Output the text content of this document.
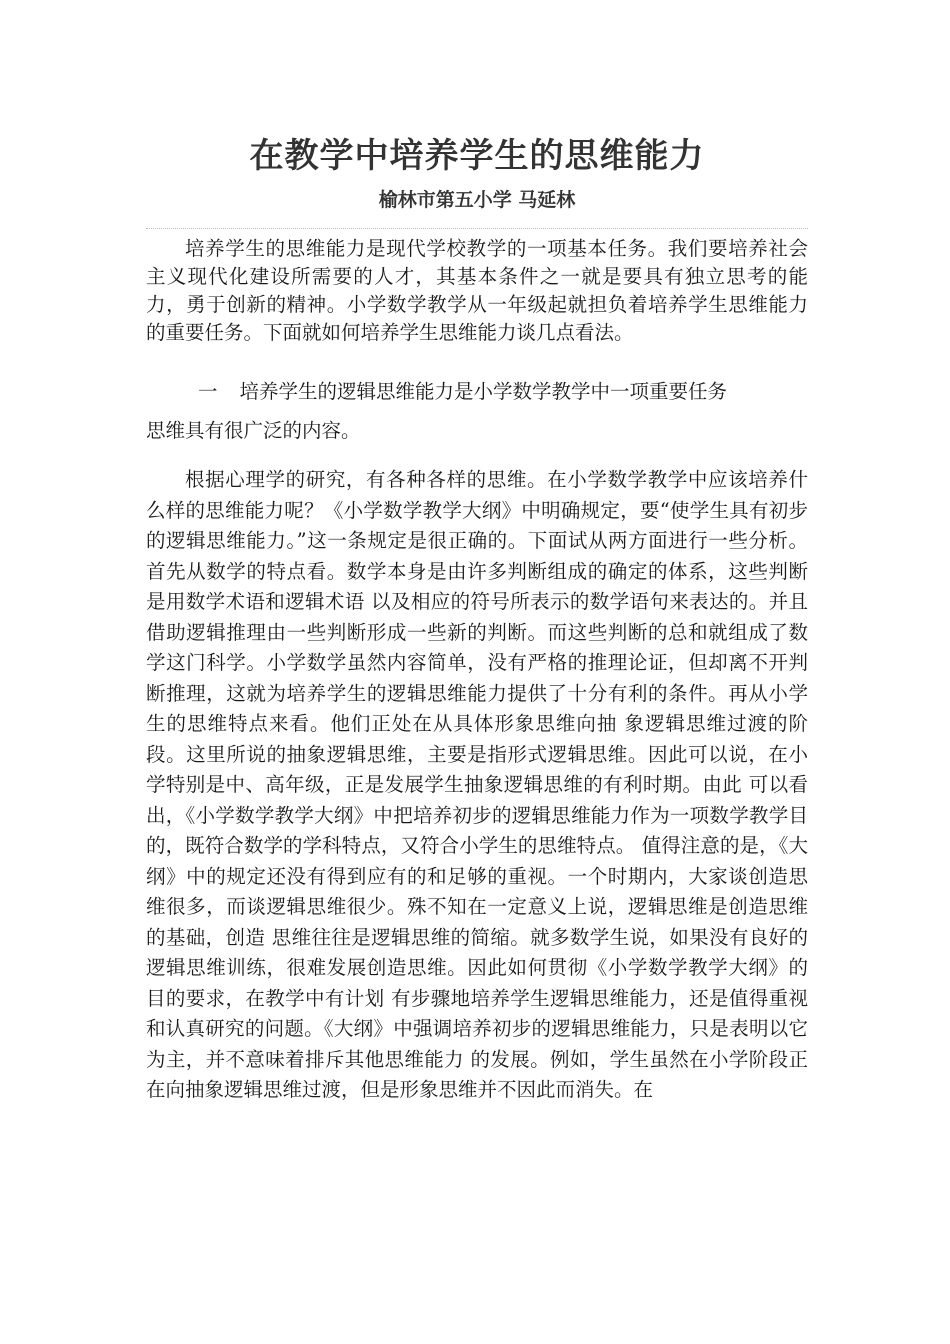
在教学中培养学生的思维能力
榆林市第五小学 马延林

培养学生的思维能力是现代学校教学的一项基本任务。我们要培养社会主义现代化建设所需要的人才，其基本条件之一就是要具有独立思考的能力，勇于创新的精神。小学数学教学从一年级起就担负着培养学生思维能力的重要任务。下面就如何培养学生思维能力谈几点看法。

一 培养学生的逻辑思维能力是小学数学教学中一项重要任务
思维具有很广泛的内容。

根据心理学的研究，有各种各样的思维。在小学数学教学中应该培养什么样的思维能力呢？《小学数学教学大纲》中明确规定，要“使学生具有初步的逻辑思维能力。”这一条规定是很正确的。下面试从两方面进行一些分析。首先从数学的特点看。数学本身是由许多判断组成的确定的体系，这些判断是用数学术语和逻辑术语 以及相应的符号所表示的数学语句来表达的。并且借助逻辑推理由一些判断形成一些新的判断。而这些判断的总和就组成了数学这门科学。小学数学虽然内容简单，没有严格的推理论证，但却离不开判断推理，这就为培养学生的逻辑思维能力提供了十分有利的条件。再从小学生的思维特点来看。他们正处在从具体形象思维向抽 象逻辑思维过渡的阶段。这里所说的抽象逻辑思维，主要是指形式逻辑思维。因此可以说，在小学特别是中、高年级，正是发展学生抽象逻辑思维的有利时期。由此 可以看出，《小学数学教学大纲》中把培养初步的逻辑思维能力作为一项数学教学目的，既符合数学的学科特点，又符合小学生的思维特点。 值得注意的是，《大 纲》中的规定还没有得到应有的和足够的重视。一个时期内，大家谈创造思维很多，而谈逻辑思维很少。殊不知在一定意义上说，逻辑思维是创造思维的基础，创造 思维往往是逻辑思维的简缩。就多数学生说，如果没有良好的逻辑思维训练，很难发展创造思维。因此如何贯彻《小学数学教学大纲》的目的要求，在教学中有计划 有步骤地培养学生逻辑思维能力，还是值得重视和认真研究的问题。《大纲》中强调培养初步的逻辑思维能力，只是表明以它为主，并不意味着排斥其他思维能力 的发展。例如，学生虽然在小学阶段正在向抽象逻辑思维过渡，但是形象思维并不因此而消失。在
